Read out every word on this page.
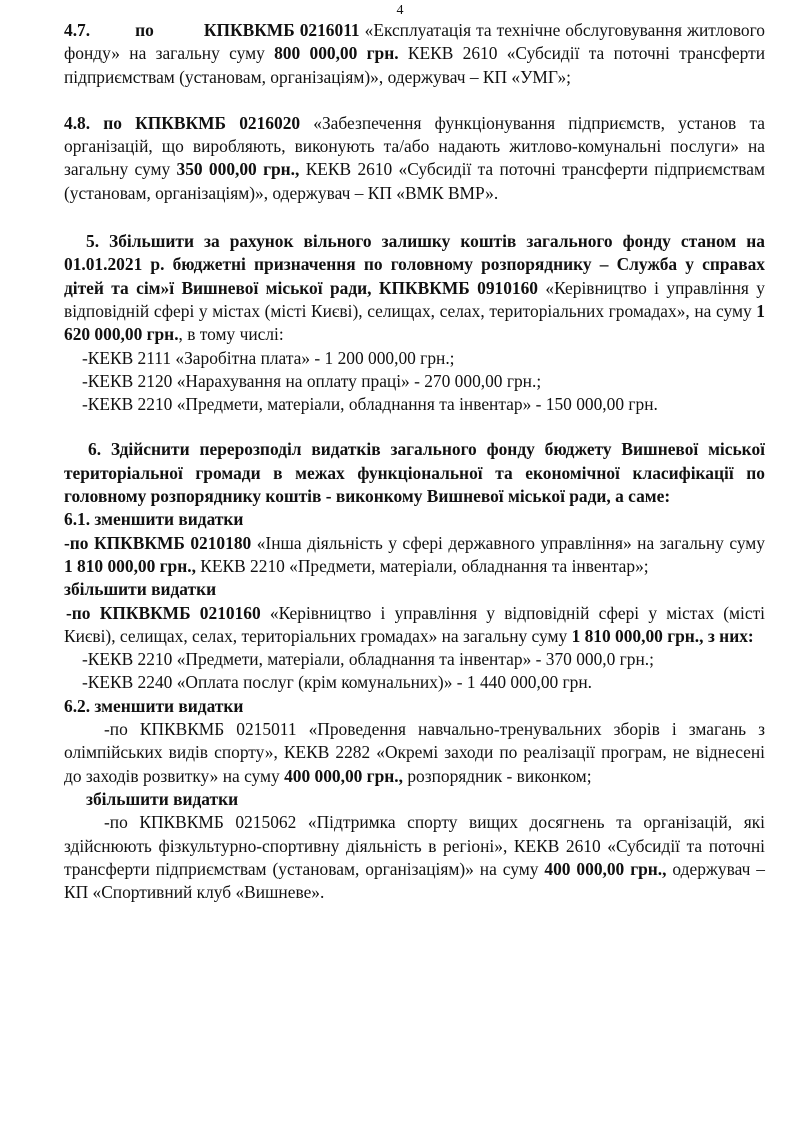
4

4.7.	по	КПКВКМБ 0216011 «Експлуатація та технічне обслуговування житлового фонду» на загальну суму 800 000,00 грн. КЕКВ 2610 «Субсидії та поточні трансферти підприємствам (установам, організаціям)», одержувач – КП «УМГ»;

4.8. по КПКВКМБ 0216020 «Забезпечення функціонування підприємств, установ та організацій, що виробляють, виконують та/або надають житлово-комунальні послуги» на загальну суму 350 000,00 грн., КЕКВ 2610 «Субсидії та поточні трансферти підприємствам (установам, організаціям)», одержувач – КП «ВМК ВМР».

5. Збільшити за рахунок вільного залишку коштів загального фонду станом на 01.01.2021 р. бюджетні призначення по головному розпоряднику – Служба у справах дітей та сім»ї Вишневої міської ради, КПКВКМБ 0910160 «Керівництво і управління у відповідній сфері у містах (місті Києві), селищах, селах, територіальних громадах», на суму 1 620 000,00 грн., в тому числі:

-КЕКВ 2111 «Заробітна плата» - 1 200 000,00 грн.;

-КЕКВ 2120 «Нарахування на оплату праці» - 270 000,00 грн.;

-КЕКВ 2210 «Предмети, матеріали, обладнання та інвентар» - 150 000,00 грн.

6. Здійснити перерозподіл видатків загального фонду бюджету Вишневої міської територіальної громади в межах функціональної та економічної класифікації по головному розпоряднику коштів - виконкому Вишневої міської ради, а саме:

6.1. зменшити видатки

-по КПКВКМБ 0210180 «Інша діяльність у сфері державного управління» на загальну суму 1 810 000,00 грн., КЕКВ 2210 «Предмети, матеріали, обладнання та інвентар»;

збільшити видатки

-по КПКВКМБ 0210160 «Керівництво і управління у відповідній сфері у містах (місті Києві), селищах, селах, територіальних громадах» на загальну суму 1 810 000,00 грн., з них:

-КЕКВ 2210 «Предмети, матеріали, обладнання та інвентар» - 370 000,0 грн.;

-КЕКВ 2240 «Оплата послуг (крім комунальних)» - 1 440 000,00 грн.

6.2. зменшити видатки

-по КПКВКМБ 0215011 «Проведення навчально-тренувальних зборів і змагань з олімпійських видів спорту», КЕКВ 2282 «Окремі заходи по реалізації програм, не віднесені до заходів розвитку» на суму 400 000,00 грн., розпорядник - виконком;

збільшити видатки

-по КПКВКМБ 0215062 «Підтримка спорту вищих досягнень та організацій, які здійснюють фізкультурно-спортивну діяльність в регіоні», КЕКВ 2610 «Субсидії та поточні трансферти підприємствам (установам, організаціям)» на суму 400 000,00 грн., одержувач – КП «Спортивний клуб «Вишневе».
